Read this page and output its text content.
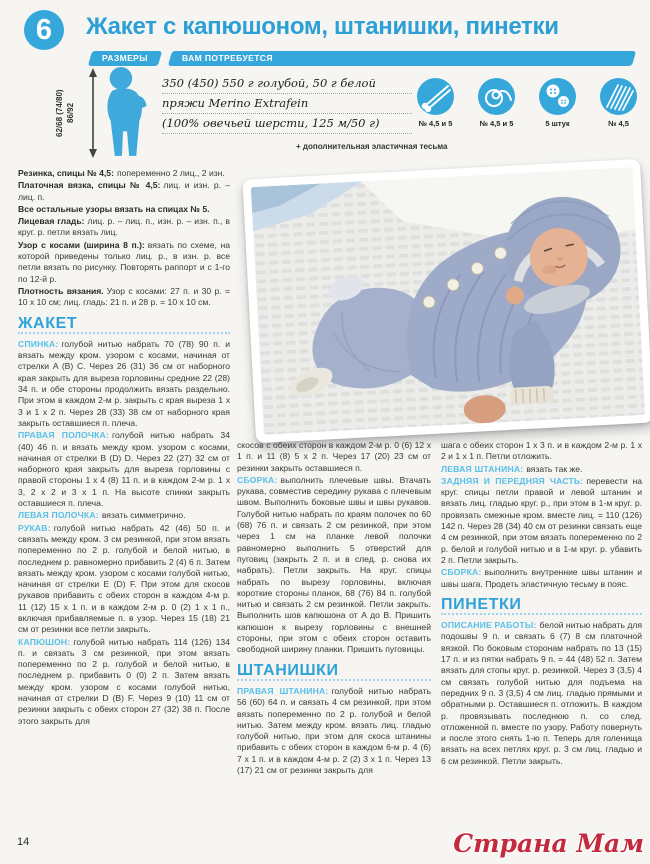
6 Жакет с капюшоном, штанишки, пинетки
РАЗМЕРЫ	ВАМ ПОТРЕБУЕТСЯ
62/68 (74/80) 86/92
350 (450) 550 г голубой, 50 г белой
пряжи Merino Extrafein
(100% овечьей шерсти, 125 м/50 г)
+ дополнительная эластичная тесьма
№ 4,5 и 5	№ 4,5 и 5	5 штук	№ 4,5

Резинка, спицы № 4,5: попеременно 2 лиц., 2 изн.

Платочная вязка, спицы № 4,5: лиц. и изн. р. – лиц. п.

Все остальные узоры вязать на спицах № 5.

Лицевая гладь: лиц. р. – лиц. п., изн. р. – изн. п., в круг. р. петли вязать лиц.

Узор с косами (ширина 8 п.): вязать по схеме, на которой приведены только лиц. р., в изн. р. все петли вязать по рисунку. Повторять раппорт и с 1-го по 12-й р.

Плотность вязания. Узор с косами: 27 п. и 30 р. = 10 x 10 см; лиц. гладь: 21 п. и 28 р. = 10 x 10 см.

ЖАКЕТ

СПИНКА: голубой нитью набрать 70 (78) 90 п. и вязать между кром. узором с косами, начиная от стрелки A (B) C. Через 26 (31) 36 см от наборного края закрыть для выреза горловины средние 22 (28) 34 п. и обе стороны продолжить вязать раздельно. При этом в каждом 2-м р. закрыть с края выреза 1 x 3 и 1 x 2 п. Через 28 (33) 38 см от наборного края закрыть оставшиеся п. плеча.

ПРАВАЯ ПОЛОЧКА: голубой нитью набрать 34 (40) 46 п. и вязать между кром. узором с косами, начиная от стрелки B (D) D. Через 22 (27) 32 см от наборного края закрыть для выреза горловины с правой стороны 1 x 4 (8) 11 п. и в каждом 2-м р. 1 x 3, 2 x 2 и 3 x 1 п. На высоте спинки закрыть оставшиеся п. плеча.

ЛЕВАЯ ПОЛОЧКА: вязать симметрично.

РУКАВ: голубой нитью набрать 42 (46) 50 п. и связать между кром. 3 см резинкой, при этом вязать попеременно по 2 р. голубой и белой нитью, в последнем р. равномерно прибавить 2 (4) 6 п. Затем вязать между кром. узором с косами голубой нитью, начиная от стрелки E (D) F. При этом для скосов рукавов прибавить с обеих сторон в каждом 4-м р. 11 (12) 15 x 1 п. и в каждом 2-м р. 0 (2) 1 x 1 п., включая прибавляемые п. в узор. Через 15 (18) 21 см от резинки все петли закрыть.

КАПЮШОН: голубой нитью набрать 114 (126) 134 п. и связать 3 см резинкой, при этом вязать попеременно по 2 р. голубой и белой нитью, в последнем р. прибавить 0 (0) 2 п. Затем вязать между кром. узором с косами голубой нитью, начиная от стрелки D (B) F. Через 9 (10) 11 см от резинки закрыть с обеих сторон 27 (32) 38 п. После этого закрыть для

скосов с обеих сторон в каждом 2-м р. 0 (6) 12 x 1 п. и 11 (8) 5 x 2 п. Через 17 (20) 23 см от резинки закрыть оставшиеся п.

СБОРКА: выполнить плечевые швы. Втачать рукава, совместив середину рукава с плечевым швом. Выполнить боковые швы и швы рукавов. Голубой нитью набрать по краям полочек по 60 (68) 76 п. и связать 2 см резинкой, при этом через 1 см на планке левой полочки равномерно выполнить 5 отверстий для пуговиц (закрыть 2 п. и в след. р. снова их набрать). Петли закрыть. На круг. спицы набрать по вырезу горловины, включая короткие стороны планок, 68 (76) 84 п. голубой нитью и связать 2 см резинкой. Петли закрыть. Выполнить шов капюшона от A до B. Пришить капюшон к вырезу горловины с внешней стороны, при этом с обеих сторон оставить свободной ширину планки. Пришить пуговицы.

ШТАНИШКИ

ПРАВАЯ ШТАНИНА: голубой нитью набрать 56 (60) 64 п. и связать 4 см резинкой, при этом вязать попеременно по 2 р. голубой и белой нитью. Затем между кром. вязать лиц. гладью голубой нитью, при этом для скоса штанины прибавить с обеих сторон в каждом 6-м р. 4 (6) 7 x 1 п. и в каждом 4-м р. 2 (2) 3 x 1 п. Через 13 (17) 21 см от резинки закрыть для

шага с обеих сторон 1 x 3 п. и в каждом 2-м р. 1 x 2 и 1 x 1 п. Петли отложить.

ЛЕВАЯ ШТАНИНА: вязать так же.

ЗАДНЯЯ И ПЕРЕДНЯЯ ЧАСТЬ: перевести на круг. спицы петли правой и левой штанин и вязать лиц. гладью круг. р., при этом в 1-м круг. р. провязать смежные кром. вместе лиц. = 110 (126) 142 п. Через 28 (34) 40 см от резинки связать еще 4 см резинкой, при этом вязать попеременно по 2 р. белой и голубой нитью и в 1-м круг. р. убавить 2 п. Петли закрыть.

СБОРКА: выполнить внутренние швы штанин и швы шага. Продеть эластичную тесьму в пояс.

ПИНЕТКИ

ОПИСАНИЕ РАБОТЫ: белой нитью набрать для подошвы 9 п. и связать 6 (7) 8 см платочной вязкой. По боковым сторонам набрать по 13 (15) 17 п. и из пятки набрать 9 п. = 44 (48) 52 п. Затем вязать для стопы круг. р. резинкой. Через 3 (3,5) 4 см связать голубой нитью для подъема на передних 9 п. 3 (3,5) 4 см лиц. гладью прямыми и обратными р. Оставшиеся п. отложить. В каждом р. провязывать последнюю п. со след. отложенной п. вместе по узору. Работу повернуть и после этого снять 1-ю п. Теперь для голенища вязать на всех петлях круг. р. 3 см лиц. гладью и 6 см резинкой. Петли закрыть.

14	Страна Мам
